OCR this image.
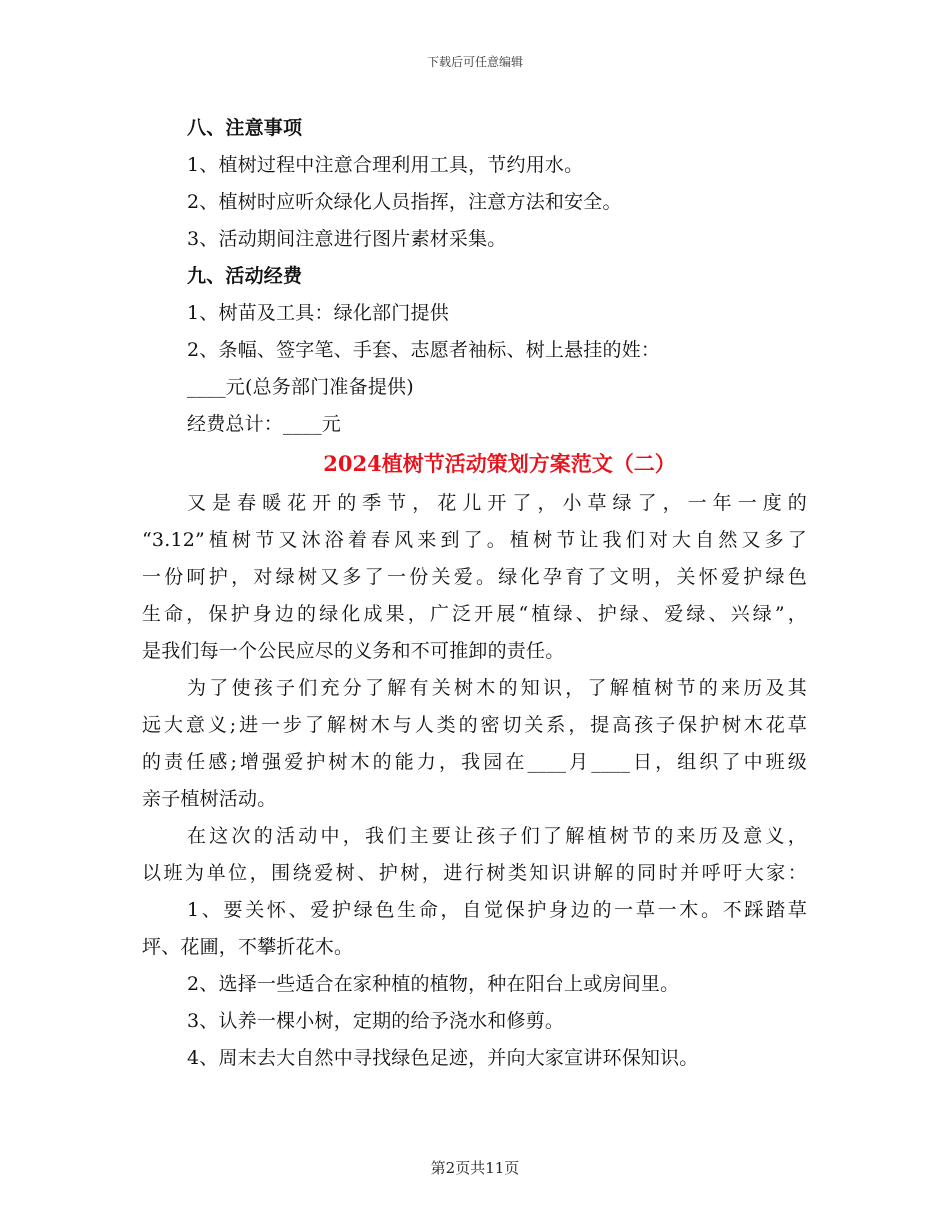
下载后可任意编辑
八、注意事项
1、植树过程中注意合理利用工具，节约用水。
2、植树时应听众绿化人员指挥，注意方法和安全。
3、活动期间注意进行图片素材采集。
九、活动经费
1、树苗及工具：绿化部门提供
2、条幅、签字笔、手套、志愿者袖标、树上悬挂的姓：
____元(总务部门准备提供)
经费总计：____元
2024植树节活动策划方案范文（二）
又是春暖花开的季节，花儿开了，小草绿了，一年一度的
“3.12”植树节又沐浴着春风来到了。植树节让我们对大自然又多了
一份呵护，对绿树又多了一份关爱。绿化孕育了文明，关怀爱护绿色
生命，保护身边的绿化成果，广泛开展“植绿、护绿、爱绿、兴绿”，
是我们每一个公民应尽的义务和不可推卸的责任。
为了使孩子们充分了解有关树木的知识，了解植树节的来历及其
远大意义;进一步了解树木与人类的密切关系，提高孩子保护树木花草
的责任感;增强爱护树木的能力，我园在____月____日，组织了中班级
亲子植树活动。
在这次的活动中，我们主要让孩子们了解植树节的来历及意义，
以班为单位，围绕爱树、护树，进行树类知识讲解的同时并呼吁大家：
1、要关怀、爱护绿色生命，自觉保护身边的一草一木。不踩踏草
坪、花圃，不攀折花木。
2、选择一些适合在家种植的植物，种在阳台上或房间里。
3、认养一棵小树，定期的给予浇水和修剪。
4、周末去大自然中寻找绿色足迹，并向大家宣讲环保知识。
第2页共11页
